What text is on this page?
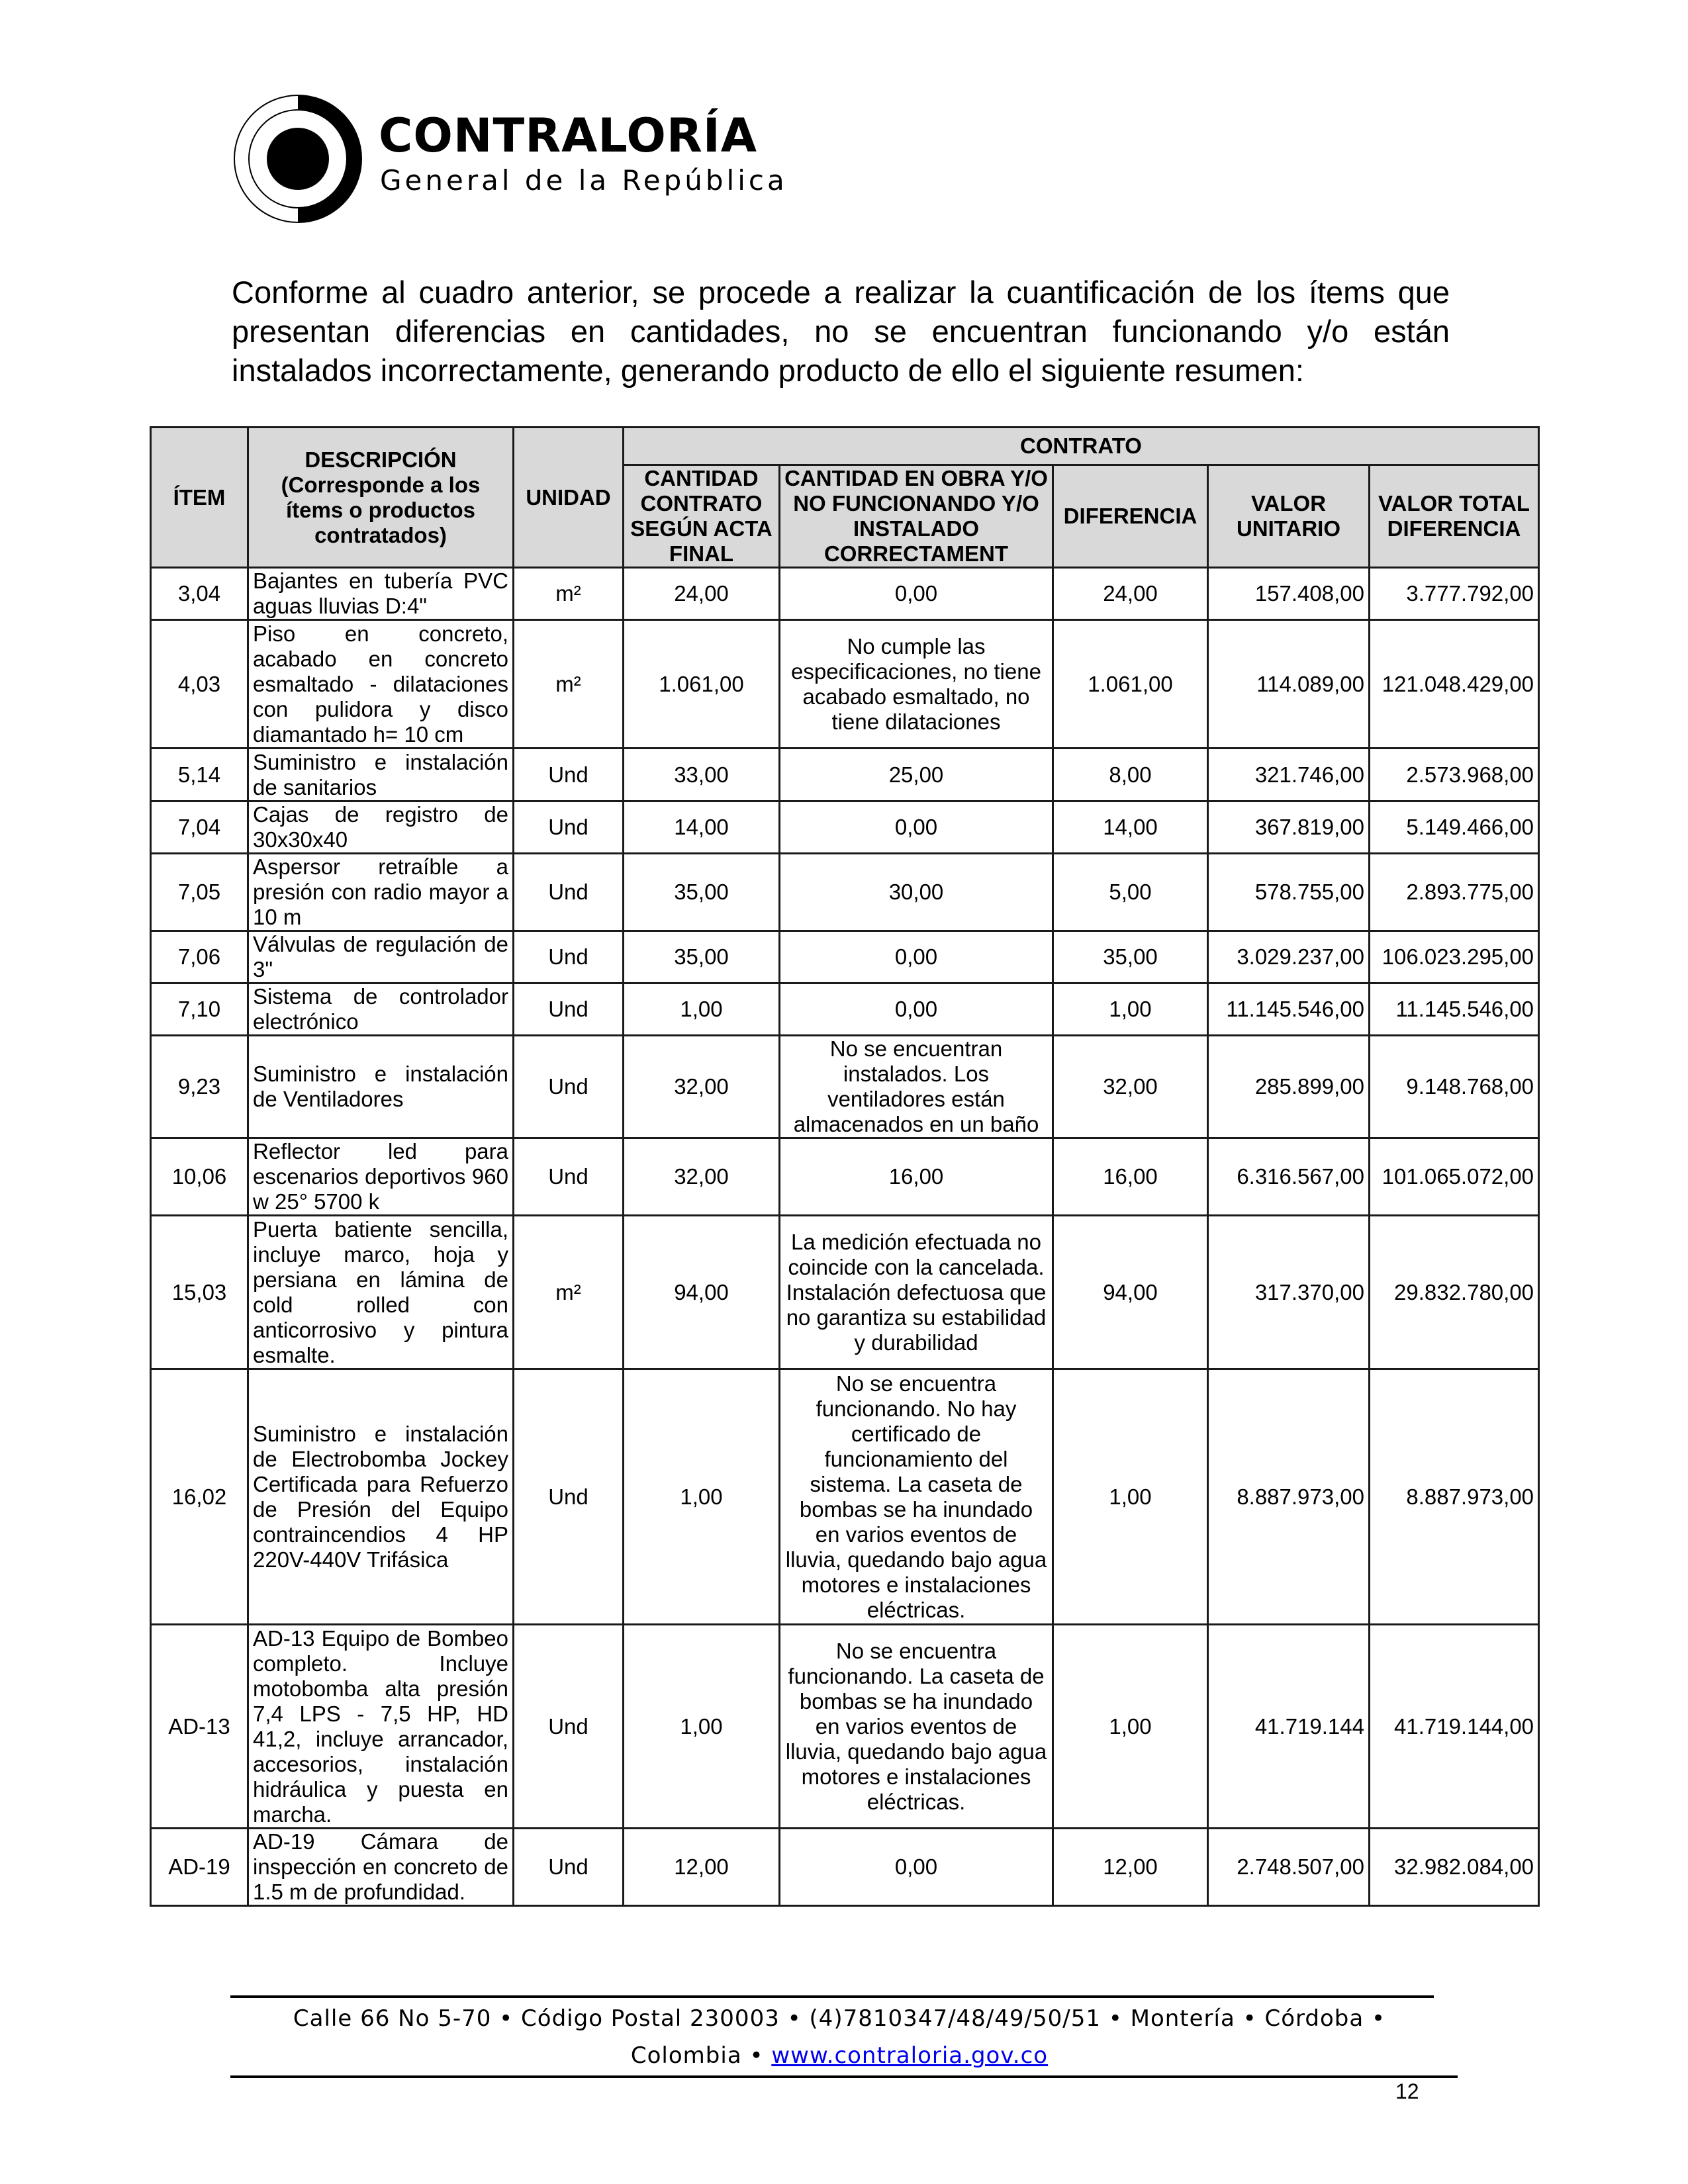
CONTRALORÍA
General de la República

Conforme al cuadro anterior, se procede a realizar la cuantificación de los ítems que presentan diferencias en cantidades, no se encuentran funcionando y/o están instalados incorrectamente, generando producto de ello el siguiente resumen:

ÍTEM	DESCRIPCIÓN (Corresponde a los ítems o productos contratados)	UNIDAD	CONTRATO				
			CANTIDAD CONTRATO SEGÚN ACTA FINAL	CANTIDAD EN OBRA Y/O NO FUNCIONANDO Y/O INSTALADO CORRECTAMENT	DIFERENCIA	VALOR UNITARIO	VALOR TOTAL DIFERENCIA
3,04	Bajantes en tubería PVC aguas lluvias D:4"	m²	24,00	0,00	24,00	157.408,00	3.777.792,00
4,03	Piso en concreto, acabado en concreto esmaltado - dilataciones con pulidora y disco diamantado h= 10 cm	m²	1.061,00	No cumple las especificaciones, no tiene acabado esmaltado, no tiene dilataciones	1.061,00	114.089,00	121.048.429,00
5,14	Suministro e instalación de sanitarios	Und	33,00	25,00	8,00	321.746,00	2.573.968,00
7,04	Cajas de registro de 30x30x40	Und	14,00	0,00	14,00	367.819,00	5.149.466,00
7,05	Aspersor retraíble a presión con radio mayor a 10 m	Und	35,00	30,00	5,00	578.755,00	2.893.775,00
7,06	Válvulas de regulación de 3"	Und	35,00	0,00	35,00	3.029.237,00	106.023.295,00
7,10	Sistema de controlador electrónico	Und	1,00	0,00	1,00	11.145.546,00	11.145.546,00
9,23	Suministro e instalación de Ventiladores	Und	32,00	No se encuentran instalados. Los ventiladores están almacenados en un baño	32,00	285.899,00	9.148.768,00
10,06	Reflector led para escenarios deportivos 960 w 25° 5700 k	Und	32,00	16,00	16,00	6.316.567,00	101.065.072,00
15,03	Puerta batiente sencilla, incluye marco, hoja y persiana en lámina de cold rolled con anticorrosivo y pintura esmalte.	m²	94,00	La medición efectuada no coincide con la cancelada. Instalación defectuosa que no garantiza su estabilidad y durabilidad	94,00	317.370,00	29.832.780,00
16,02	Suministro e instalación de Electrobomba Jockey Certificada para Refuerzo de Presión del Equipo contraincendios 4 HP 220V-440V Trifásica	Und	1,00	No se encuentra funcionando. No hay certificado de funcionamiento del sistema. La caseta de bombas se ha inundado en varios eventos de lluvia, quedando bajo agua motores e instalaciones eléctricas.	1,00	8.887.973,00	8.887.973,00
AD-13	AD-13 Equipo de Bombeo completo. Incluye motobomba alta presión 7,4 LPS - 7,5 HP, HD 41,2, incluye arrancador, accesorios, instalación hidráulica y puesta en marcha.	Und	1,00	No se encuentra funcionando. La caseta de bombas se ha inundado en varios eventos de lluvia, quedando bajo agua motores e instalaciones eléctricas.	1,00	41.719.144	41.719.144,00
AD-19	AD-19 Cámara de inspección en concreto de 1.5 m de profundidad.	Und	12,00	0,00	12,00	2.748.507,00	32.982.084,00
Calle 66 No 5-70 • Código Postal 230003 • (4)7810347/48/49/50/51 • Montería • Córdoba •
Colombia • www.contraloria.gov.co
12
